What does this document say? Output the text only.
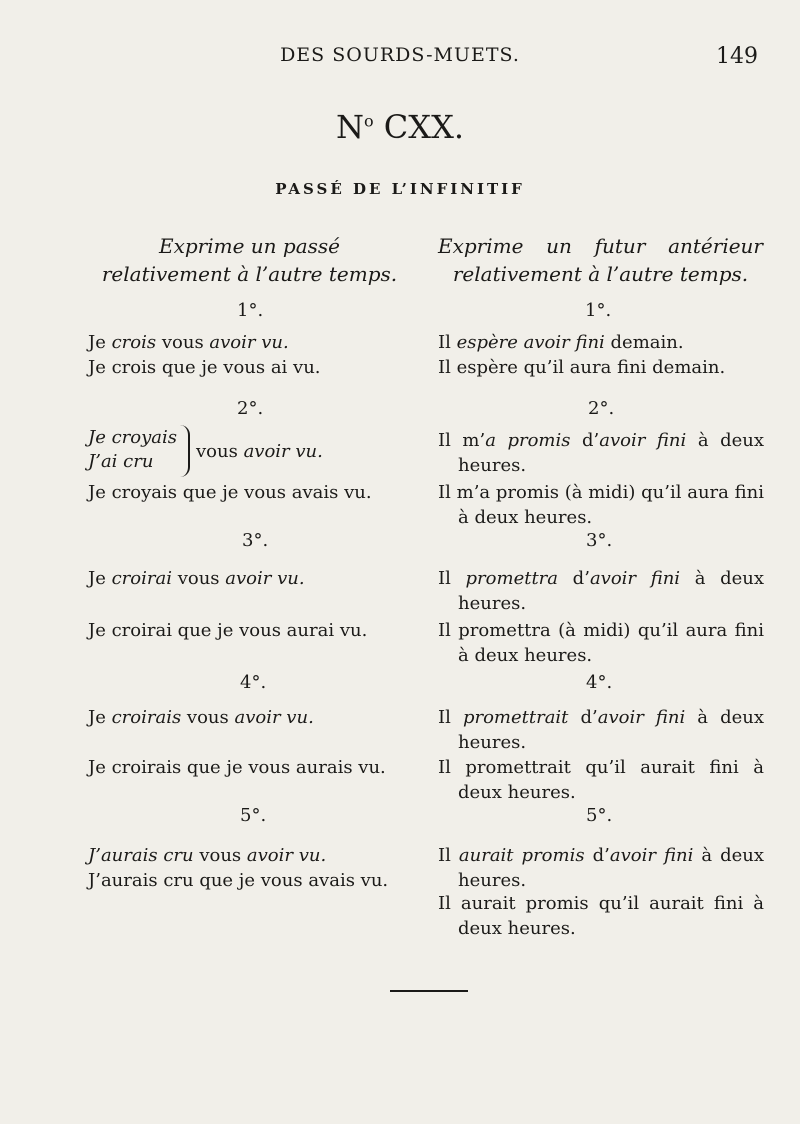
DES SOURDS-MUETS.	149
$N^o$ CXX.
PASSÉ DE L’INFINITIF
Exprime un passé relativement à l’autre temps.
1°.
Je crois vous avoir vu.
Je crois que je vous ai vu.
2°.
Je croyais
J’ai cru	vous avoir vu.
Je croyais que je vous avais vu.
3°.
Je croirai vous avoir vu.
Je croirai que je vous aurai vu.
4°.
Je croirais vous avoir vu.
Je croirais que je vous aurais vu.
5°.
J’aurais cru vous avoir vu.
J’aurais cru que je vous avais vu.
Exprime un futur antérieur relativement à l’autre temps.
1°.
Il espère avoir fini demain.
Il espère qu’il aura fini demain.
2°.
Il m’a promis d’avoir fini à deux heures.
Il m’a promis (à midi) qu’il aura fini à deux heures.
3°.
Il promettra d’avoir fini à deux heures.
Il promettra (à midi) qu’il aura fini à deux heures.
4°.
Il promettrait d’avoir fini à deux heures.
Il promettrait qu’il aurait fini à deux heures.
5°.
Il aurait promis d’avoir fini à deux heures.
Il aurait promis qu’il aurait fini à deux heures.
